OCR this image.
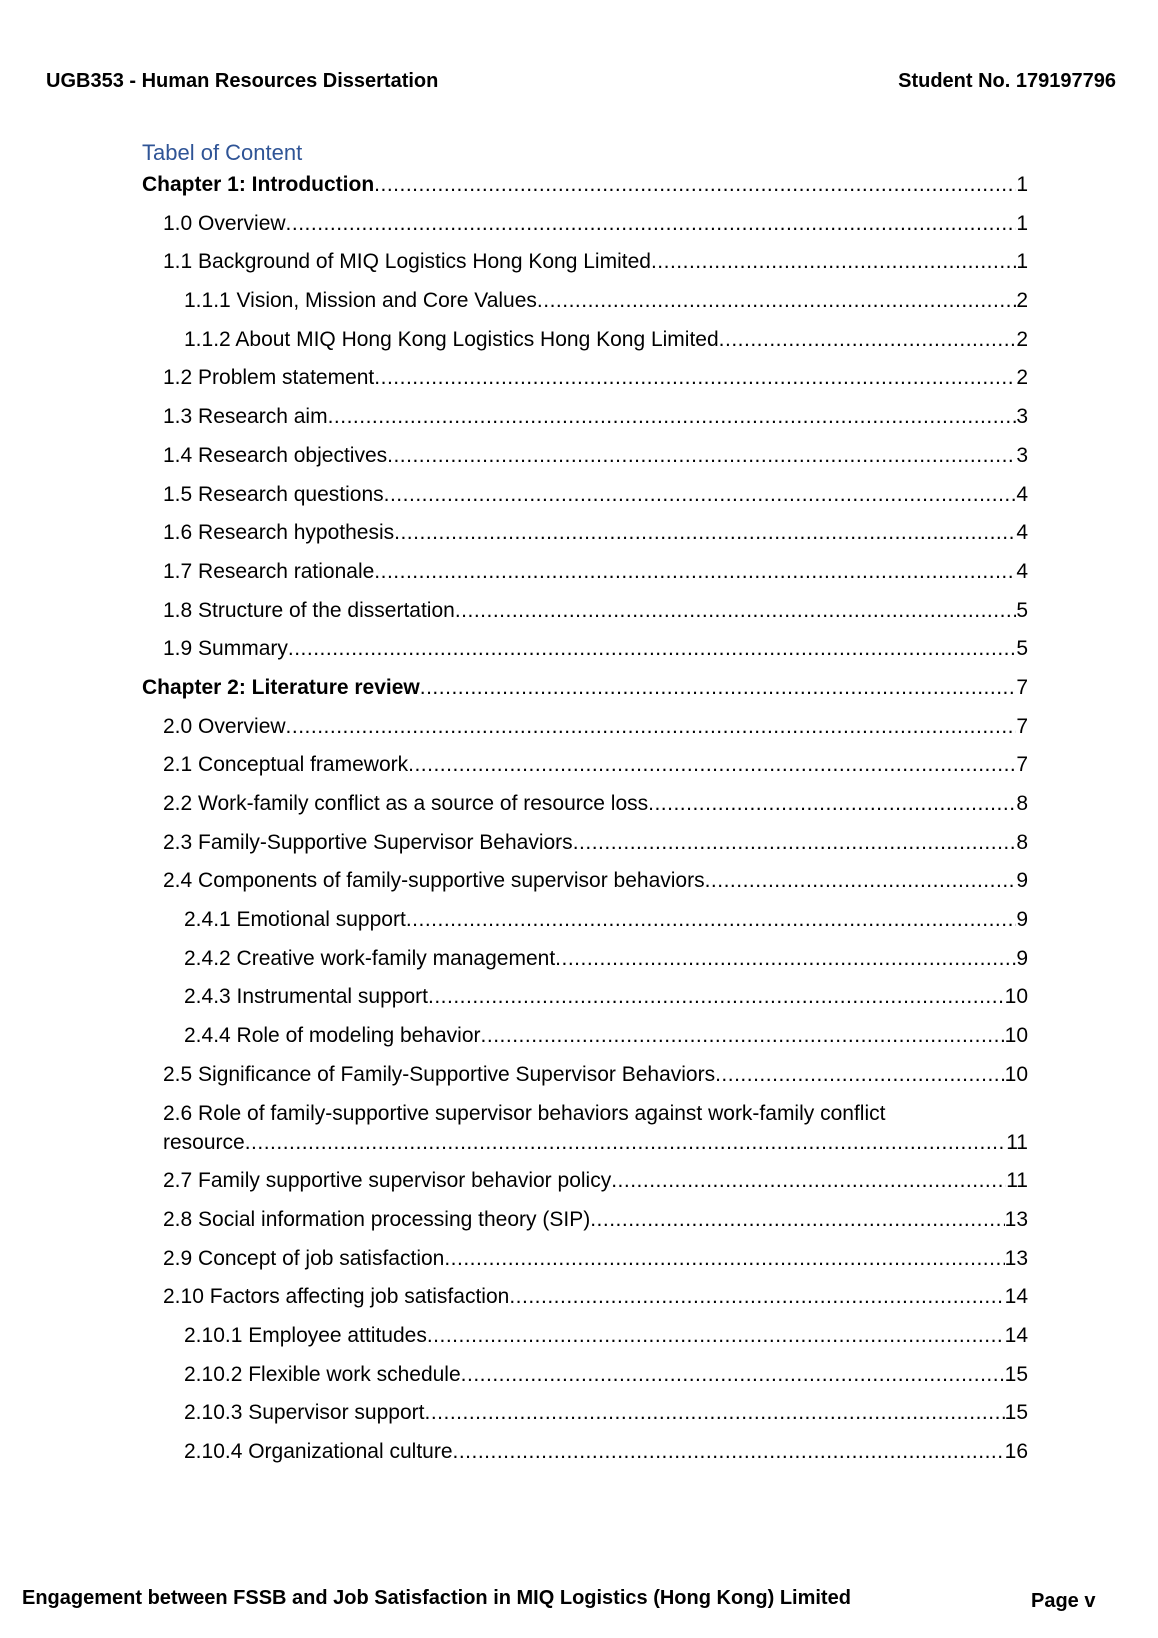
UGB353 - Human Resources Dissertation	Student No. 179197796
Tabel of Content
Chapter 1: Introduction .....	1
1.0 Overview .....	1
1.1 Background of MIQ Logistics Hong Kong Limited .....	1
1.1.1 Vision, Mission and Core Values .....	2
1.1.2 About MIQ Hong Kong Logistics Hong Kong Limited .....	2
1.2 Problem statement .....	2
1.3 Research aim .....	3
1.4 Research objectives .....	3
1.5 Research questions .....	4
1.6 Research hypothesis .....	4
1.7 Research rationale .....	4
1.8 Structure of the dissertation .....	5
1.9 Summary .....	5
Chapter 2: Literature review .....	7
2.0 Overview .....	7
2.1 Conceptual framework .....	7
2.2 Work-family conflict as a source of resource loss .....	8
2.3 Family-Supportive Supervisor Behaviors .....	8
2.4 Components of family-supportive supervisor behaviors .....	9
2.4.1 Emotional support .....	9
2.4.2 Creative work-family management .....	9
2.4.3 Instrumental support .....	10
2.4.4 Role of modeling behavior .....	10
2.5 Significance of Family-Supportive Supervisor Behaviors .....	10
2.6 Role of family-supportive supervisor behaviors against work-family conflict
resource .....	11
2.7 Family supportive supervisor behavior policy .....	11
2.8 Social information processing theory (SIP) .....	13
2.9 Concept of job satisfaction .....	13
2.10 Factors affecting job satisfaction .....	14
2.10.1 Employee attitudes .....	14
2.10.2 Flexible work schedule .....	15
2.10.3 Supervisor support .....	15
2.10.4 Organizational culture .....	16
Engagement between FSSB and Job Satisfaction in MIQ Logistics (Hong Kong) Limited	Page v
